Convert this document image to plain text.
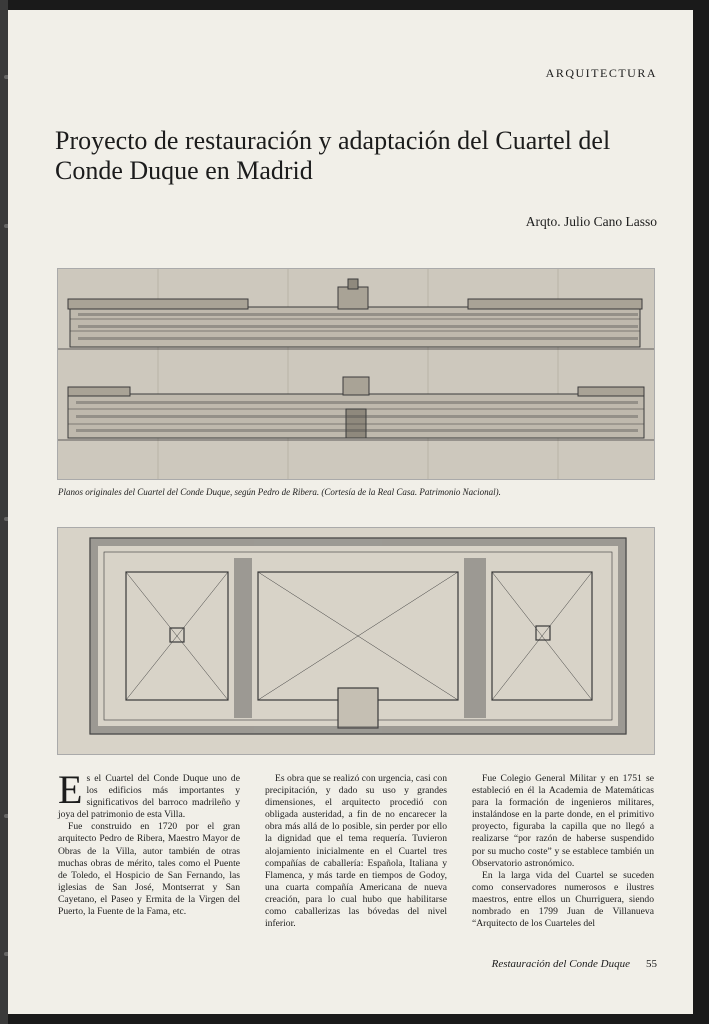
ARQUITECTURA
Proyecto de restauración y adaptación del Cuartel del Conde Duque en Madrid
Arqto. Julio Cano Lasso
Planos originales del Cuartel del Conde Duque, según Pedro de Ribera. (Cortesía de la Real Casa. Patrimonio Nacional).

Es el Cuartel del Conde Duque uno de los edificios más importantes y significativos del barroco madrileño y joya del patrimonio de esta Villa.

Fue construido en 1720 por el gran arquitecto Pedro de Ribera, Maestro Mayor de Obras de la Villa, autor también de otras muchas obras de mérito, tales como el Puente de Toledo, el Hospicio de San Fernando, las iglesias de San José, Montserrat y San Cayetano, el Paseo y Ermita de la Virgen del Puerto, la Fuente de la Fama, etc.

Es obra que se realizó con urgencia, casi con precipitación, y dado su uso y grandes dimensiones, el arquitecto procedió con obligada austeridad, a fin de no encarecer la obra más allá de lo posible, sin perder por ello la dignidad que el tema requería. Tuvieron alojamiento inicialmente en el Cuartel tres compañías de caballería: Española, Italiana y Flamenca, y más tarde en tiempos de Godoy, una cuarta compañía Americana de nueva creación, para lo cual hubo que habilitarse como caballerizas las bóvedas del nivel inferior.

Fue Colegio General Militar y en 1751 se estableció en él la Academia de Matemáticas para la formación de ingenieros militares, instalándose en la parte donde, en el primitivo proyecto, figuraba la capilla que no llegó a realizarse “por razón de haberse suspendido por su mucho coste” y se establece también un Observatorio astronómico.

En la larga vida del Cuartel se suceden como conservadores numerosos e ilustres maestros, entre ellos un Churriguera, siendo nombrado en 1799 Juan de Villanueva “Arquitecto de los Cuarteles del

Restauración del Conde Duque 55
